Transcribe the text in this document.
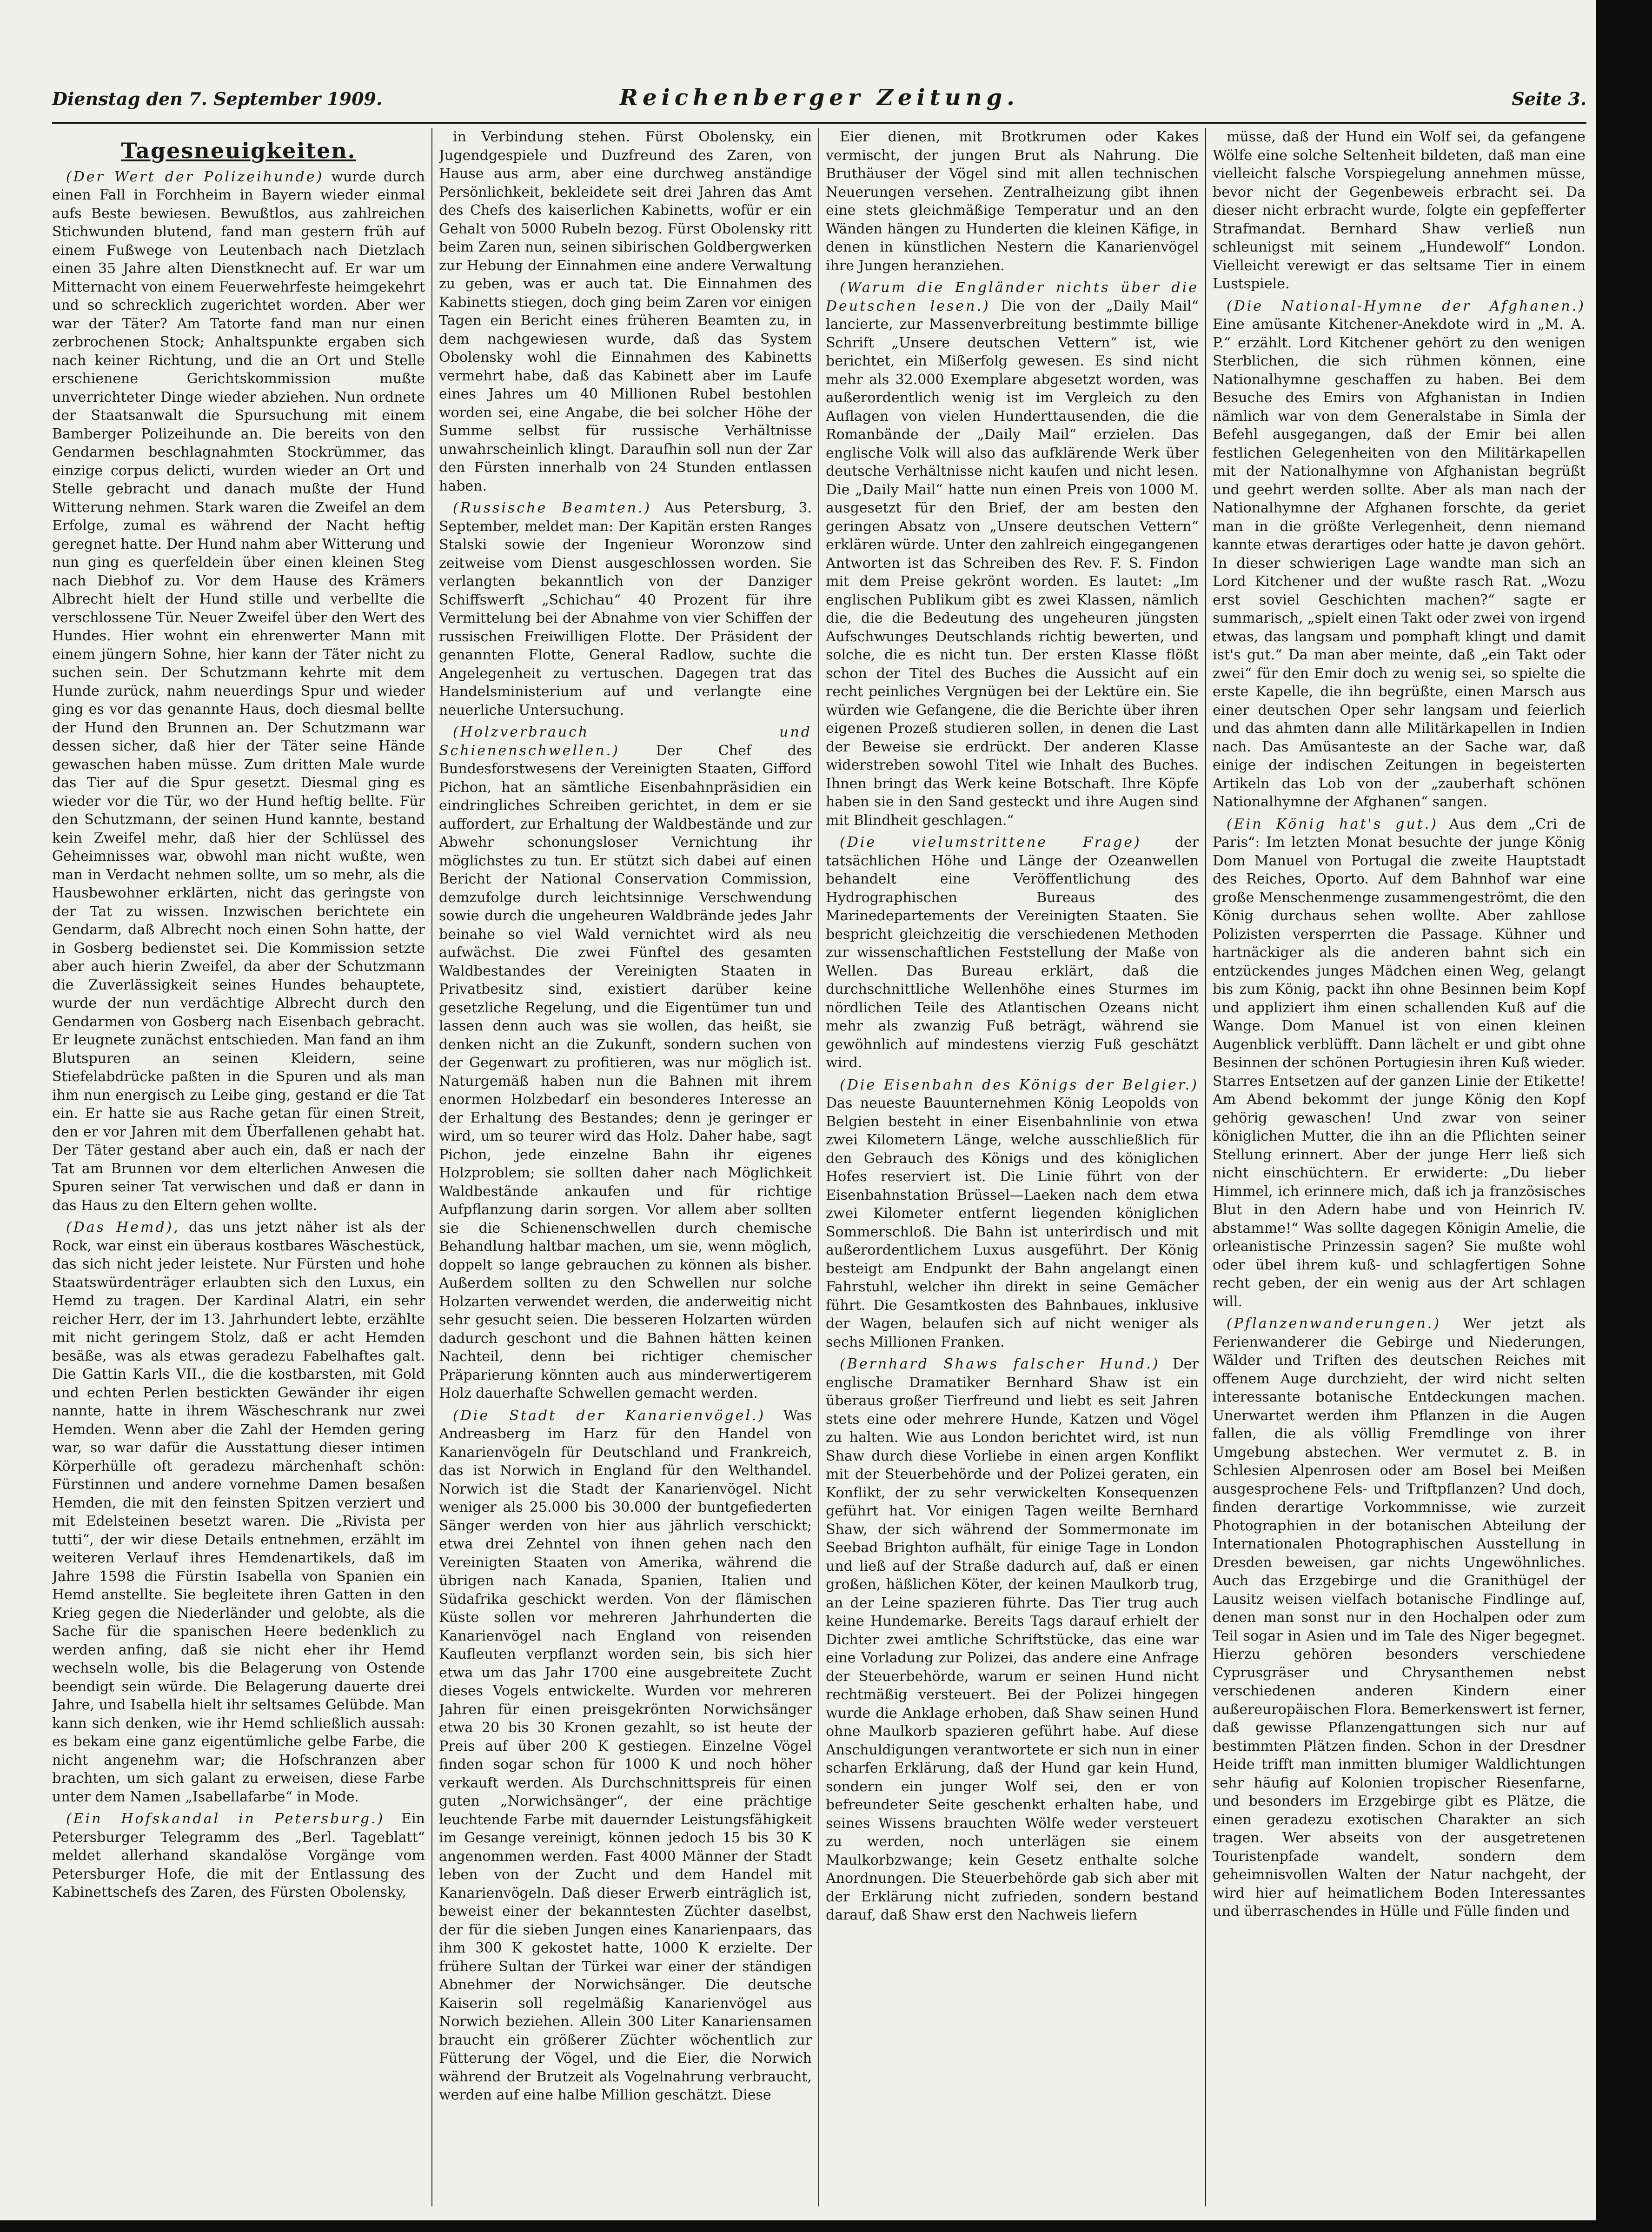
Dienstag den 7. September 1909.	Reichenberger Zeitung.	Seite 3.
Tagesneuigkeiten.

(Der Wert der Polizeihunde) wurde durch einen Fall in Forchheim in Bayern wieder einmal aufs Beste bewiesen. Bewußtlos, aus zahlreichen Stichwunden blutend, fand man gestern früh auf einem Fußwege von Leutenbach nach Dietzlach einen 35 Jahre alten Dienstknecht auf. Er war um Mitternacht von einem Feuerwehrfeste heimgekehrt und so schrecklich zugerichtet worden. Aber wer war der Täter? Am Tatorte fand man nur einen zerbrochenen Stock; Anhaltspunkte ergaben sich nach keiner Richtung, und die an Ort und Stelle erschienene Gerichtskommission mußte unverrichteter Dinge wieder abziehen. Nun ordnete der Staatsanwalt die Spursuchung mit einem Bamberger Polizeihunde an. Die bereits von den Gendarmen beschlagnahmten Stockrümmer, das einzige corpus delicti, wurden wieder an Ort und Stelle gebracht und danach mußte der Hund Witterung nehmen. Stark waren die Zweifel an dem Erfolge, zumal es während der Nacht heftig geregnet hatte. Der Hund nahm aber Witterung und nun ging es querfeldein über einen kleinen Steg nach Diebhof zu. Vor dem Hause des Krämers Albrecht hielt der Hund stille und verbellte die verschlossene Tür. Neuer Zweifel über den Wert des Hundes. Hier wohnt ein ehrenwerter Mann mit einem jüngern Sohne, hier kann der Täter nicht zu suchen sein. Der Schutzmann kehrte mit dem Hunde zurück, nahm neuerdings Spur und wieder ging es vor das genannte Haus, doch diesmal bellte der Hund den Brunnen an. Der Schutzmann war dessen sicher, daß hier der Täter seine Hände gewaschen haben müsse. Zum dritten Male wurde das Tier auf die Spur gesetzt. Diesmal ging es wieder vor die Tür, wo der Hund heftig bellte. Für den Schutzmann, der seinen Hund kannte, bestand kein Zweifel mehr, daß hier der Schlüssel des Geheimnisses war, obwohl man nicht wußte, wen man in Verdacht nehmen sollte, um so mehr, als die Hausbewohner erklärten, nicht das geringste von der Tat zu wissen. Inzwischen berichtete ein Gendarm, daß Albrecht noch einen Sohn hatte, der in Gosberg bedienstet sei. Die Kommission setzte aber auch hierin Zweifel, da aber der Schutzmann die Zuverlässigkeit seines Hundes behauptete, wurde der nun verdächtige Albrecht durch den Gendarmen von Gosberg nach Eisenbach gebracht. Er leugnete zunächst entschieden. Man fand an ihm Blutspuren an seinen Kleidern, seine Stiefelabdrücke paßten in die Spuren und als man ihm nun energisch zu Leibe ging, gestand er die Tat ein. Er hatte sie aus Rache getan für einen Streit, den er vor Jahren mit dem Überfallenen gehabt hat. Der Täter gestand aber auch ein, daß er nach der Tat am Brunnen vor dem elterlichen Anwesen die Spuren seiner Tat verwischen und daß er dann in das Haus zu den Eltern gehen wollte.

(Das Hemd), das uns jetzt näher ist als der Rock, war einst ein überaus kostbares Wäschestück, das sich nicht jeder leistete. Nur Fürsten und hohe Staatswürdenträger erlaubten sich den Luxus, ein Hemd zu tragen. Der Kardinal Alatri, ein sehr reicher Herr, der im 13. Jahrhundert lebte, erzählte mit nicht geringem Stolz, daß er acht Hemden besäße, was als etwas geradezu Fabelhaftes galt. Die Gattin Karls VII., die die kostbarsten, mit Gold und echten Perlen bestickten Gewänder ihr eigen nannte, hatte in ihrem Wäscheschrank nur zwei Hemden. Wenn aber die Zahl der Hemden gering war, so war dafür die Ausstattung dieser intimen Körperhülle oft geradezu märchenhaft schön: Fürstinnen und andere vornehme Damen besaßen Hemden, die mit den feinsten Spitzen verziert und mit Edelsteinen besetzt waren. Die „Rivista per tutti“, der wir diese Details entnehmen, erzählt im weiteren Verlauf ihres Hemdenartikels, daß im Jahre 1598 die Fürstin Isabella von Spanien ein Hemd anstellte. Sie begleitete ihren Gatten in den Krieg gegen die Niederländer und gelobte, als die Sache für die spanischen Heere bedenklich zu werden anfing, daß sie nicht eher ihr Hemd wechseln wolle, bis die Belagerung von Ostende beendigt sein würde. Die Belagerung dauerte drei Jahre, und Isabella hielt ihr seltsames Gelübde. Man kann sich denken, wie ihr Hemd schließlich aussah: es bekam eine ganz eigentümliche gelbe Farbe, die nicht angenehm war; die Hofschranzen aber brachten, um sich galant zu erweisen, diese Farbe unter dem Namen „Isabellafarbe“ in Mode.

(Ein Hofskandal in Petersburg.) Ein Petersburger Telegramm des „Berl. Tageblatt“ meldet allerhand skandalöse Vorgänge vom Petersburger Hofe, die mit der Entlassung des Kabinettschefs des Zaren, des Fürsten Obolensky,

in Verbindung stehen. Fürst Obolensky, ein Jugendgespiele und Duzfreund des Zaren, von Hause aus arm, aber eine durchweg anständige Persönlichkeit, bekleidete seit drei Jahren das Amt des Chefs des kaiserlichen Kabinetts, wofür er ein Gehalt von 5000 Rubeln bezog. Fürst Obolensky ritt beim Zaren nun, seinen sibirischen Goldbergwerken zur Hebung der Einnahmen eine andere Verwaltung zu geben, was er auch tat. Die Einnahmen des Kabinetts stiegen, doch ging beim Zaren vor einigen Tagen ein Bericht eines früheren Beamten zu, in dem nachgewiesen wurde, daß das System Obolensky wohl die Einnahmen des Kabinetts vermehrt habe, daß das Kabinett aber im Laufe eines Jahres um 40 Millionen Rubel bestohlen worden sei, eine Angabe, die bei solcher Höhe der Summe selbst für russische Verhältnisse unwahrscheinlich klingt. Daraufhin soll nun der Zar den Fürsten innerhalb von 24 Stunden entlassen haben.

(Russische Beamten.) Aus Petersburg, 3. September, meldet man: Der Kapitän ersten Ranges Stalski sowie der Ingenieur Woronzow sind zeitweise vom Dienst ausgeschlossen worden. Sie verlangten bekanntlich von der Danziger Schiffswerft „Schichau“ 40 Prozent für ihre Vermittelung bei der Abnahme von vier Schiffen der russischen Freiwilligen Flotte. Der Präsident der genannten Flotte, General Radlow, suchte die Angelegenheit zu vertuschen. Dagegen trat das Handelsministerium auf und verlangte eine neuerliche Untersuchung.

(Holzverbrauch und Schienenschwellen.) Der Chef des Bundesforstwesens der Vereinigten Staaten, Gifford Pichon, hat an sämtliche Eisenbahnpräsidien ein eindringliches Schreiben gerichtet, in dem er sie auffordert, zur Erhaltung der Waldbestände und zur Abwehr schonungsloser Vernichtung ihr möglichstes zu tun. Er stützt sich dabei auf einen Bericht der National Conservation Commission, demzufolge durch leichtsinnige Verschwendung sowie durch die ungeheuren Waldbrände jedes Jahr beinahe so viel Wald vernichtet wird als neu aufwächst. Die zwei Fünftel des gesamten Waldbestandes der Vereinigten Staaten in Privatbesitz sind, existiert darüber keine gesetzliche Regelung, und die Eigentümer tun und lassen denn auch was sie wollen, das heißt, sie denken nicht an die Zukunft, sondern suchen von der Gegenwart zu profitieren, was nur möglich ist. Naturgemäß haben nun die Bahnen mit ihrem enormen Holzbedarf ein besonderes Interesse an der Erhaltung des Bestandes; denn je geringer er wird, um so teurer wird das Holz. Daher habe, sagt Pichon, jede einzelne Bahn ihr eigenes Holzproblem; sie sollten daher nach Möglichkeit Waldbestände ankaufen und für richtige Aufpflanzung darin sorgen. Vor allem aber sollten sie die Schienenschwellen durch chemische Behandlung haltbar machen, um sie, wenn möglich, doppelt so lange gebrauchen zu können als bisher. Außerdem sollten zu den Schwellen nur solche Holzarten verwendet werden, die anderweitig nicht sehr gesucht seien. Die besseren Holzarten würden dadurch geschont und die Bahnen hätten keinen Nachteil, denn bei richtiger chemischer Präparierung könnten auch aus minderwertigerem Holz dauerhafte Schwellen gemacht werden.

(Die Stadt der Kanarienvögel.) Was Andreasberg im Harz für den Handel von Kanarienvögeln für Deutschland und Frankreich, das ist Norwich in England für den Welthandel. Norwich ist die Stadt der Kanarienvögel. Nicht weniger als 25.000 bis 30.000 der buntgefiederten Sänger werden von hier aus jährlich verschickt; etwa drei Zehntel von ihnen gehen nach den Vereinigten Staaten von Amerika, während die übrigen nach Kanada, Spanien, Italien und Südafrika geschickt werden. Von der flämischen Küste sollen vor mehreren Jahrhunderten die Kanarienvögel nach England von reisenden Kaufleuten verpflanzt worden sein, bis sich hier etwa um das Jahr 1700 eine ausgebreitete Zucht dieses Vogels entwickelte. Wurden vor mehreren Jahren für einen preisgekrönten Norwichsänger etwa 20 bis 30 Kronen gezahlt, so ist heute der Preis auf über 200 K gestiegen. Einzelne Vögel finden sogar schon für 1000 K und noch höher verkauft werden. Als Durchschnittspreis für einen guten „Norwichsänger“, der eine prächtige leuchtende Farbe mit dauernder Leistungsfähigkeit im Gesange vereinigt, können jedoch 15 bis 30 K angenommen werden. Fast 4000 Männer der Stadt leben von der Zucht und dem Handel mit Kanarienvögeln. Daß dieser Erwerb einträglich ist, beweist einer der bekanntesten Züchter daselbst, der für die sieben Jungen eines Kanarienpaars, das ihm 300 K gekostet hatte, 1000 K erzielte. Der frühere Sultan der Türkei war einer der ständigen Abnehmer der Norwichsänger. Die deutsche Kaiserin soll regelmäßig Kanarienvögel aus Norwich beziehen. Allein 300 Liter Kanariensamen braucht ein größerer Züchter wöchentlich zur Fütterung der Vögel, und die Eier, die Norwich während der Brutzeit als Vogelnahrung verbraucht, werden auf eine halbe Million geschätzt. Diese

Eier dienen, mit Brotkrumen oder Kakes vermischt, der jungen Brut als Nahrung. Die Bruthäuser der Vögel sind mit allen technischen Neuerungen versehen. Zentralheizung gibt ihnen eine stets gleichmäßige Temperatur und an den Wänden hängen zu Hunderten die kleinen Käfige, in denen in künstlichen Nestern die Kanarienvögel ihre Jungen heranziehen.

(Warum die Engländer nichts über die Deutschen lesen.) Die von der „Daily Mail“ lancierte, zur Massenverbreitung bestimmte billige Schrift „Unsere deutschen Vettern“ ist, wie berichtet, ein Mißerfolg gewesen. Es sind nicht mehr als 32.000 Exemplare abgesetzt worden, was außerordentlich wenig ist im Vergleich zu den Auflagen von vielen Hunderttausenden, die die Romanbände der „Daily Mail“ erzielen. Das englische Volk will also das aufklärende Werk über deutsche Verhältnisse nicht kaufen und nicht lesen. Die „Daily Mail“ hatte nun einen Preis von 1000 M. ausgesetzt für den Brief, der am besten den geringen Absatz von „Unsere deutschen Vettern“ erklären würde. Unter den zahlreich eingegangenen Antworten ist das Schreiben des Rev. F. S. Findon mit dem Preise gekrönt worden. Es lautet: „Im englischen Publikum gibt es zwei Klassen, nämlich die, die die Bedeutung des ungeheuren jüngsten Aufschwunges Deutschlands richtig bewerten, und solche, die es nicht tun. Der ersten Klasse flößt schon der Titel des Buches die Aussicht auf ein recht peinliches Vergnügen bei der Lektüre ein. Sie würden wie Gefangene, die die Berichte über ihren eigenen Prozeß studieren sollen, in denen die Last der Beweise sie erdrückt. Der anderen Klasse widerstreben sowohl Titel wie Inhalt des Buches. Ihnen bringt das Werk keine Botschaft. Ihre Köpfe haben sie in den Sand gesteckt und ihre Augen sind mit Blindheit geschlagen.“

(Die vielumstrittene Frage) der tatsächlichen Höhe und Länge der Ozeanwellen behandelt eine Veröffentlichung des Hydrographischen Bureaus des Marinedepartements der Vereinigten Staaten. Sie bespricht gleichzeitig die verschiedenen Methoden zur wissenschaftlichen Feststellung der Maße von Wellen. Das Bureau erklärt, daß die durchschnittliche Wellenhöhe eines Sturmes im nördlichen Teile des Atlantischen Ozeans nicht mehr als zwanzig Fuß beträgt, während sie gewöhnlich auf mindestens vierzig Fuß geschätzt wird.

(Die Eisenbahn des Königs der Belgier.) Das neueste Bauunternehmen König Leopolds von Belgien besteht in einer Eisenbahnlinie von etwa zwei Kilometern Länge, welche ausschließlich für den Gebrauch des Königs und des königlichen Hofes reserviert ist. Die Linie führt von der Eisenbahnstation Brüssel—Laeken nach dem etwa zwei Kilometer entfernt liegenden königlichen Sommerschloß. Die Bahn ist unterirdisch und mit außerordentlichem Luxus ausgeführt. Der König besteigt am Endpunkt der Bahn angelangt einen Fahrstuhl, welcher ihn direkt in seine Gemächer führt. Die Gesamtkosten des Bahnbaues, inklusive der Wagen, belaufen sich auf nicht weniger als sechs Millionen Franken.

(Bernhard Shaws falscher Hund.) Der englische Dramatiker Bernhard Shaw ist ein überaus großer Tierfreund und liebt es seit Jahren stets eine oder mehrere Hunde, Katzen und Vögel zu halten. Wie aus London berichtet wird, ist nun Shaw durch diese Vorliebe in einen argen Konflikt mit der Steuerbehörde und der Polizei geraten, ein Konflikt, der zu sehr verwickelten Konsequenzen geführt hat. Vor einigen Tagen weilte Bernhard Shaw, der sich während der Sommermonate im Seebad Brighton aufhält, für einige Tage in London und ließ auf der Straße dadurch auf, daß er einen großen, häßlichen Köter, der keinen Maulkorb trug, an der Leine spazieren führte. Das Tier trug auch keine Hundemarke. Bereits Tags darauf erhielt der Dichter zwei amtliche Schriftstücke, das eine war eine Vorladung zur Polizei, das andere eine Anfrage der Steuerbehörde, warum er seinen Hund nicht rechtmäßig versteuert. Bei der Polizei hingegen wurde die Anklage erhoben, daß Shaw seinen Hund ohne Maulkorb spazieren geführt habe. Auf diese Anschuldigungen verantwortete er sich nun in einer scharfen Erklärung, daß der Hund gar kein Hund, sondern ein junger Wolf sei, den er von befreundeter Seite geschenkt erhalten habe, und seines Wissens brauchten Wölfe weder versteuert zu werden, noch unterlägen sie einem Maulkorbzwange; kein Gesetz enthalte solche Anordnungen. Die Steuerbehörde gab sich aber mit der Erklärung nicht zufrieden, sondern bestand darauf, daß Shaw erst den Nachweis liefern

müsse, daß der Hund ein Wolf sei, da gefangene Wölfe eine solche Seltenheit bildeten, daß man eine vielleicht falsche Vorspiegelung annehmen müsse, bevor nicht der Gegenbeweis erbracht sei. Da dieser nicht erbracht wurde, folgte ein gepfefferter Strafmandat. Bernhard Shaw verließ nun schleunigst mit seinem „Hundewolf“ London. Vielleicht verewigt er das seltsame Tier in einem Lustspiele.

(Die National-Hymne der Afghanen.) Eine amüsante Kitchener-Anekdote wird in „M. A. P.“ erzählt. Lord Kitchener gehört zu den wenigen Sterblichen, die sich rühmen können, eine Nationalhymne geschaffen zu haben. Bei dem Besuche des Emirs von Afghanistan in Indien nämlich war von dem Generalstabe in Simla der Befehl ausgegangen, daß der Emir bei allen festlichen Gelegenheiten von den Militärkapellen mit der Nationalhymne von Afghanistan begrüßt und geehrt werden sollte. Aber als man nach der Nationalhymne der Afghanen forschte, da geriet man in die größte Verlegenheit, denn niemand kannte etwas derartiges oder hatte je davon gehört. In dieser schwierigen Lage wandte man sich an Lord Kitchener und der wußte rasch Rat. „Wozu erst soviel Geschichten machen?“ sagte er summarisch, „spielt einen Takt oder zwei von irgend etwas, das langsam und pomphaft klingt und damit ist's gut.“ Da man aber meinte, daß „ein Takt oder zwei“ für den Emir doch zu wenig sei, so spielte die erste Kapelle, die ihn begrüßte, einen Marsch aus einer deutschen Oper sehr langsam und feierlich und das ahmten dann alle Militärkapellen in Indien nach. Das Amüsanteste an der Sache war, daß einige der indischen Zeitungen in begeisterten Artikeln das Lob von der „zauberhaft schönen Nationalhymne der Afghanen“ sangen.

(Ein König hat's gut.) Aus dem „Cri de Paris“: Im letzten Monat besuchte der junge König Dom Manuel von Portugal die zweite Hauptstadt des Reiches, Oporto. Auf dem Bahnhof war eine große Menschenmenge zusammengeströmt, die den König durchaus sehen wollte. Aber zahllose Polizisten versperrten die Passage. Kühner und hartnäckiger als die anderen bahnt sich ein entzückendes junges Mädchen einen Weg, gelangt bis zum König, packt ihn ohne Besinnen beim Kopf und appliziert ihm einen schallenden Kuß auf die Wange. Dom Manuel ist von einen kleinen Augenblick verblüfft. Dann lächelt er und gibt ohne Besinnen der schönen Portugiesin ihren Kuß wieder. Starres Entsetzen auf der ganzen Linie der Etikette! Am Abend bekommt der junge König den Kopf gehörig gewaschen! Und zwar von seiner königlichen Mutter, die ihn an die Pflichten seiner Stellung erinnert. Aber der junge Herr ließ sich nicht einschüchtern. Er erwiderte: „Du lieber Himmel, ich erinnere mich, daß ich ja französisches Blut in den Adern habe und von Heinrich IV. abstamme!“ Was sollte dagegen Königin Amelie, die orleanistische Prinzessin sagen? Sie mußte wohl oder übel ihrem kuß- und schlagfertigen Sohne recht geben, der ein wenig aus der Art schlagen will.

(Pflanzenwanderungen.) Wer jetzt als Ferienwanderer die Gebirge und Niederungen, Wälder und Triften des deutschen Reiches mit offenem Auge durchzieht, der wird nicht selten interessante botanische Entdeckungen machen. Unerwartet werden ihm Pflanzen in die Augen fallen, die als völlig Fremdlinge von ihrer Umgebung abstechen. Wer vermutet z. B. in Schlesien Alpenrosen oder am Bosel bei Meißen ausgesprochene Fels- und Triftpflanzen? Und doch, finden derartige Vorkommnisse, wie zurzeit Photographien in der botanischen Abteilung der Internationalen Photographischen Ausstellung in Dresden beweisen, gar nichts Ungewöhnliches. Auch das Erzgebirge und die Granithügel der Lausitz weisen vielfach botanische Findlinge auf, denen man sonst nur in den Hochalpen oder zum Teil sogar in Asien und im Tale des Niger begegnet. Hierzu gehören besonders verschiedene Cyprusgräser und Chrysanthemen nebst verschiedenen anderen Kindern einer außereuropäischen Flora. Bemerkenswert ist ferner, daß gewisse Pflanzengattungen sich nur auf bestimmten Plätzen finden. Schon in der Dresdner Heide trifft man inmitten blumiger Waldlichtungen sehr häufig auf Kolonien tropischer Riesenfarne, und besonders im Erzgebirge gibt es Plätze, die einen geradezu exotischen Charakter an sich tragen. Wer abseits von der ausgetretenen Touristenpfade wandelt, sondern dem geheimnisvollen Walten der Natur nachgeht, der wird hier auf heimatlichem Boden Interessantes und überraschendes in Hülle und Fülle finden und
